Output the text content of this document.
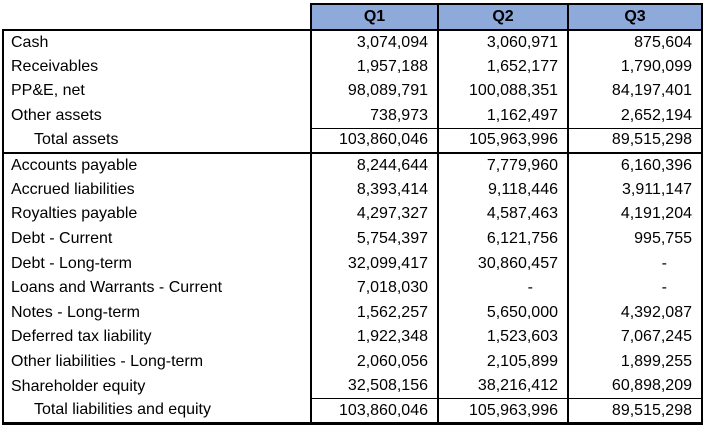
	Q1	Q2	Q3
Cash	3,074,094	3,060,971	875,604
Receivables	1,957,188	1,652,177	1,790,099
PP&E, net	98,089,791	100,088,351	84,197,401
Other assets	738,973	1,162,497	2,652,194
Total assets	103,860,046	105,963,996	89,515,298
Accounts payable	8,244,644	7,779,960	6,160,396
Accrued liabilities	8,393,414	9,118,446	3,911,147
Royalties payable	4,297,327	4,587,463	4,191,204
Debt - Current	5,754,397	6,121,756	995,755
Debt - Long-term	32,099,417	30,860,457	-
Loans and Warrants - Current	7,018,030	-	-
Notes - Long-term	1,562,257	5,650,000	4,392,087
Deferred tax liability	1,922,348	1,523,603	7,067,245
Other liabilities - Long-term	2,060,056	2,105,899	1,899,255
Shareholder equity	32,508,156	38,216,412	60,898,209
Total liabilities and equity	103,860,046	105,963,996	89,515,298
